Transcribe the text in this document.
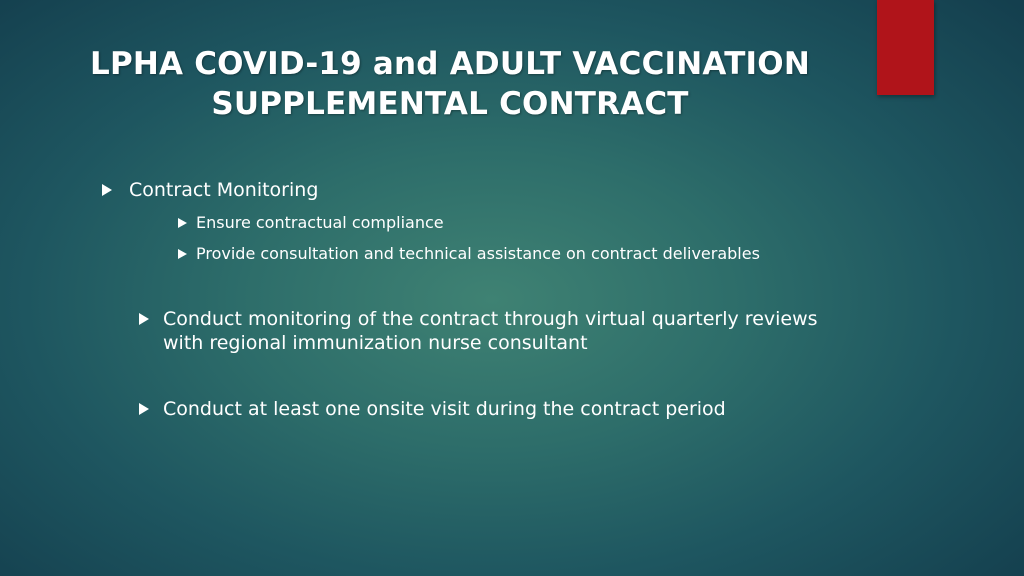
LPHA COVID-19 and ADULT VACCINATION
SUPPLEMENTAL CONTRACT
Contract Monitoring
Ensure contractual compliance
Provide consultation and technical assistance on contract deliverables
Conduct monitoring of the contract through virtual quarterly reviews with regional immunization nurse consultant
Conduct at least one onsite visit during the contract period
